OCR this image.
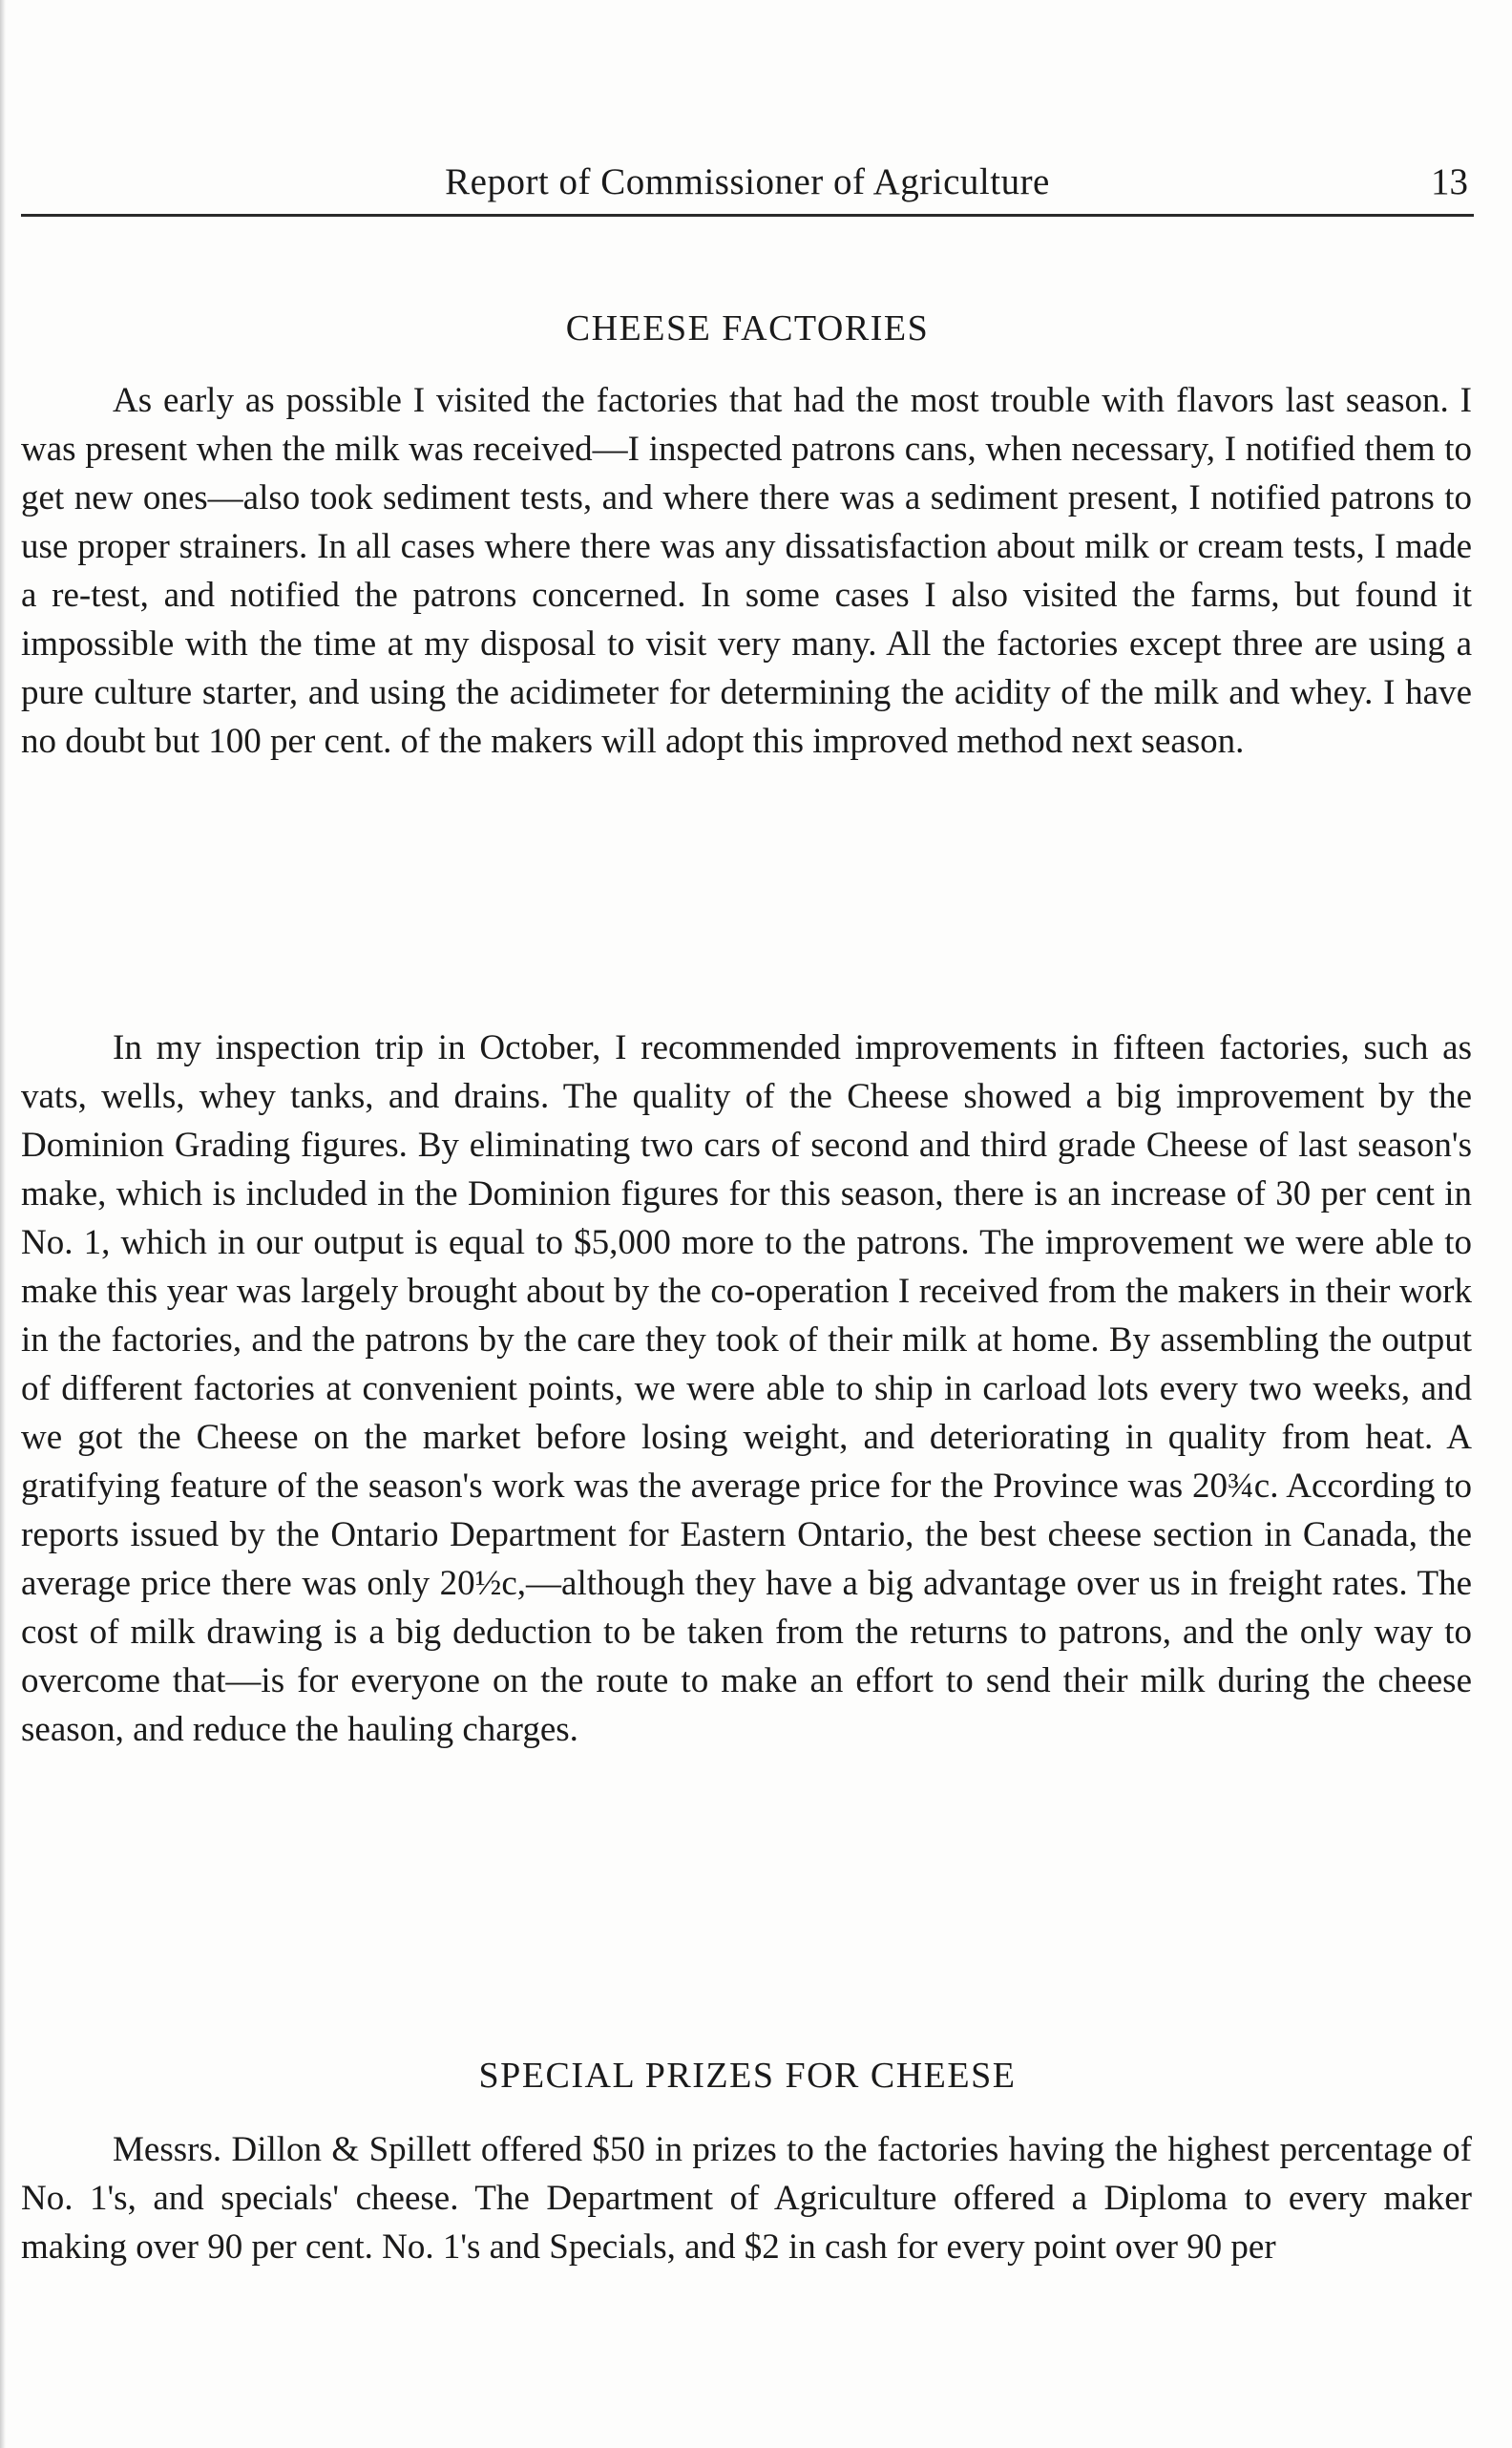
Report of Commissioner of Agriculture	13
CHEESE FACTORIES

As early as possible I visited the factories that had the most trouble with flavors last season. I was present when the milk was received—I inspected patrons cans, when necessary, I notified them to get new ones—also took sediment tests, and where there was a sediment present, I notified patrons to use proper strainers. In all cases where there was any dissatisfaction about milk or cream tests, I made a re-test, and notified the patrons concerned. In some cases I also visited the farms, but found it impossible with the time at my disposal to visit very many. All the factories except three are using a pure culture starter, and using the acidimeter for determining the acidity of the milk and whey. I have no doubt but 100 per cent. of the makers will adopt this improved method next season.

In my inspection trip in October, I recommended improvements in fifteen factories, such as vats, wells, whey tanks, and drains. The quality of the Cheese showed a big improvement by the Dominion Grading figures. By eliminating two cars of second and third grade Cheese of last season's make, which is included in the Dominion figures for this season, there is an increase of 30 per cent in No. 1, which in our output is equal to $5,000 more to the patrons. The improvement we were able to make this year was largely brought about by the co-operation I received from the makers in their work in the factories, and the patrons by the care they took of their milk at home. By assembling the output of different factories at convenient points, we were able to ship in carload lots every two weeks, and we got the Cheese on the market before losing weight, and deteriorating in quality from heat. A gratifying feature of the season's work was the average price for the Province was 20¾c. According to reports issued by the Ontario Department for Eastern Ontario, the best cheese section in Canada, the average price there was only 20½c,—although they have a big advantage over us in freight rates. The cost of milk drawing is a big deduction to be taken from the returns to patrons, and the only way to overcome that—is for everyone on the route to make an effort to send their milk during the cheese season, and reduce the hauling charges.

SPECIAL PRIZES FOR CHEESE

Messrs. Dillon & Spillett offered $50 in prizes to the factories having the highest percentage of No. 1's, and specials' cheese. The Department of Agriculture offered a Diploma to every maker making over 90 per cent. No. 1's and Specials, and $2 in cash for every point over 90 per
